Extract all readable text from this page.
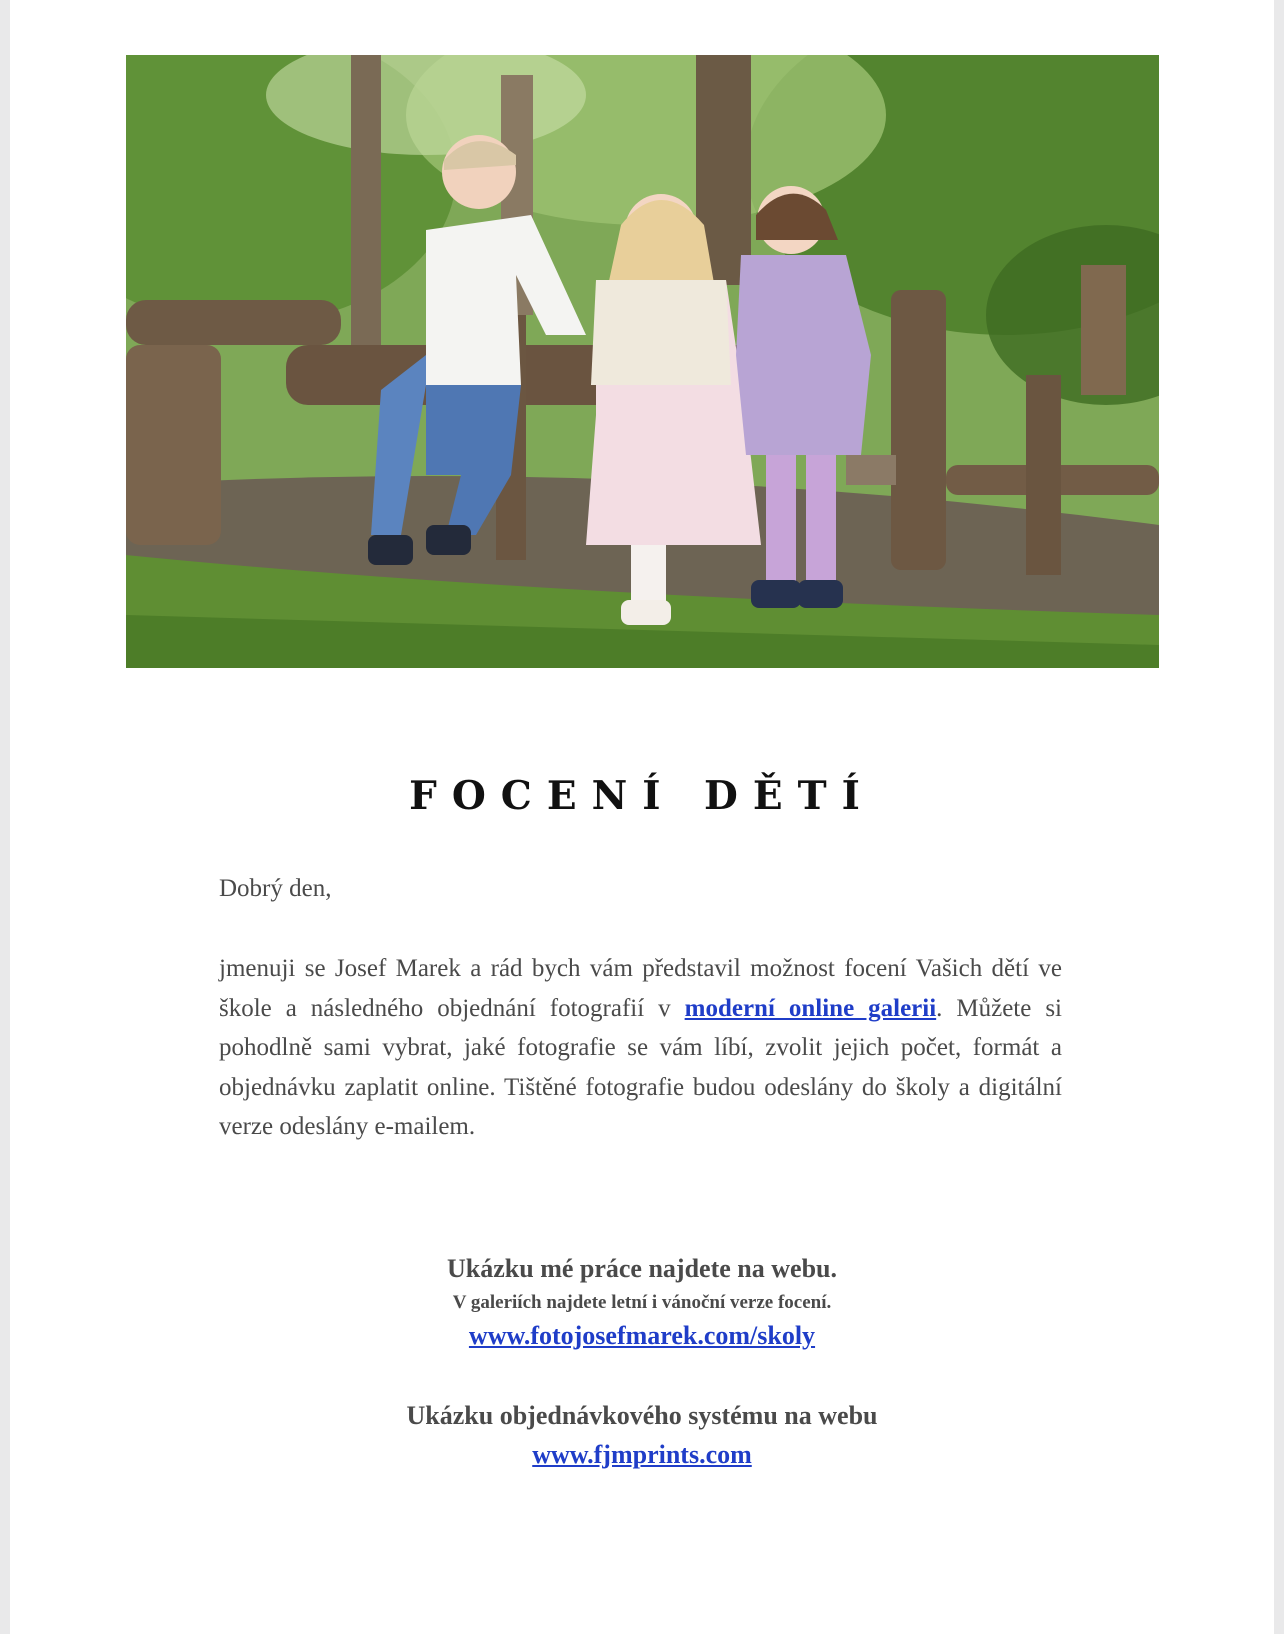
FOCENÍ DĚTÍ

Dobrý den,

jmenuji se Josef Marek a rád bych vám představil možnost focení Vašich dětí ve škole a následného objednání fotografií v moderní online galerii. Můžete si pohodlně sami vybrat, jaké fotografie se vám líbí, zvolit jejich počet, formát a objednávku zaplatit online. Tištěné fotografie budou odeslány do školy a digitální verze odeslány e-mailem.

Ukázku mé práce najdete na webu.

V galeriích najdete letní i vánoční verze focení.

www.fotojosefmarek.com/skoly

Ukázku objednávkového systému na webu

www.fjmprints.com
